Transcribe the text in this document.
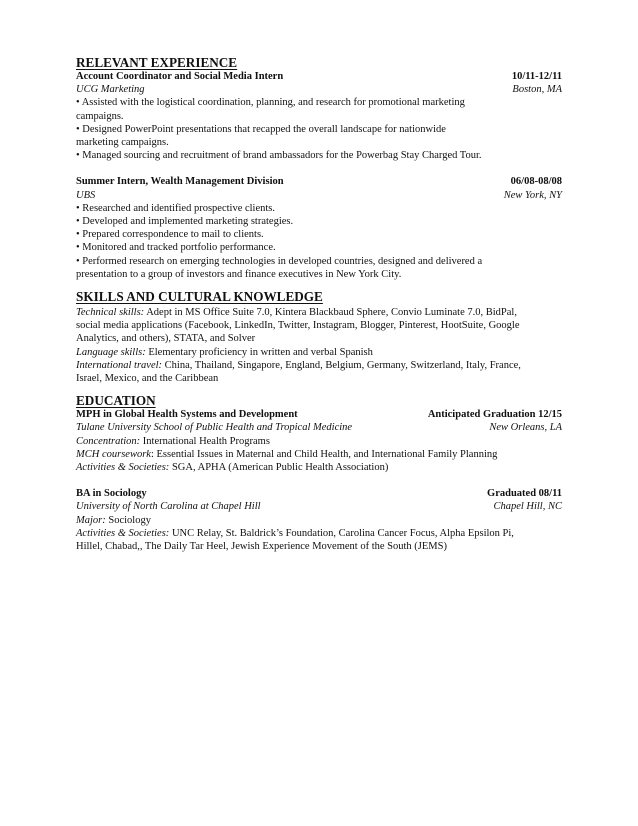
RELEVANT EXPERIENCE
Account Coordinator and Social Media Intern	10/11-12/11
UCG Marketing	Boston, MA
• Assisted with the logistical coordination, planning, and research for promotional marketing
campaigns.
• Designed PowerPoint presentations that recapped the overall landscape for nationwide
marketing campaigns.
• Managed sourcing and recruitment of brand ambassadors for the Powerbag Stay Charged Tour.
Summer Intern, Wealth Management Division	06/08-08/08
UBS	New York, NY
• Researched and identified prospective clients.
• Developed and implemented marketing strategies.
• Prepared correspondence to mail to clients.
• Monitored and tracked portfolio performance.
• Performed research on emerging technologies in developed countries, designed and delivered a
presentation to a group of investors and finance executives in New York City.
SKILLS AND CULTURAL KNOWLEDGE
Technical skills: Adept in MS Office Suite 7.0, Kintera Blackbaud Sphere, Convio Luminate 7.0, BidPal,
social media applications (Facebook, LinkedIn, Twitter, Instagram, Blogger, Pinterest, HootSuite, Google
Analytics, and others), STATA, and Solver
Language skills: Elementary proficiency in written and verbal Spanish
International travel: China, Thailand, Singapore, England, Belgium, Germany, Switzerland, Italy, France,
Israel, Mexico, and the Caribbean
EDUCATION
MPH in Global Health Systems and Development	Anticipated Graduation 12/15
Tulane University School of Public Health and Tropical Medicine	New Orleans, LA
Concentration: International Health Programs
MCH coursework: Essential Issues in Maternal and Child Health, and International Family Planning
Activities & Societies: SGA, APHA (American Public Health Association)
BA in Sociology	Graduated 08/11
University of North Carolina at Chapel Hill	Chapel Hill, NC
Major: Sociology
Activities & Societies: UNC Relay, St. Baldrick’s Foundation, Carolina Cancer Focus, Alpha Epsilon Pi,
Hillel, Chabad,, The Daily Tar Heel, Jewish Experience Movement of the South (JEMS)
